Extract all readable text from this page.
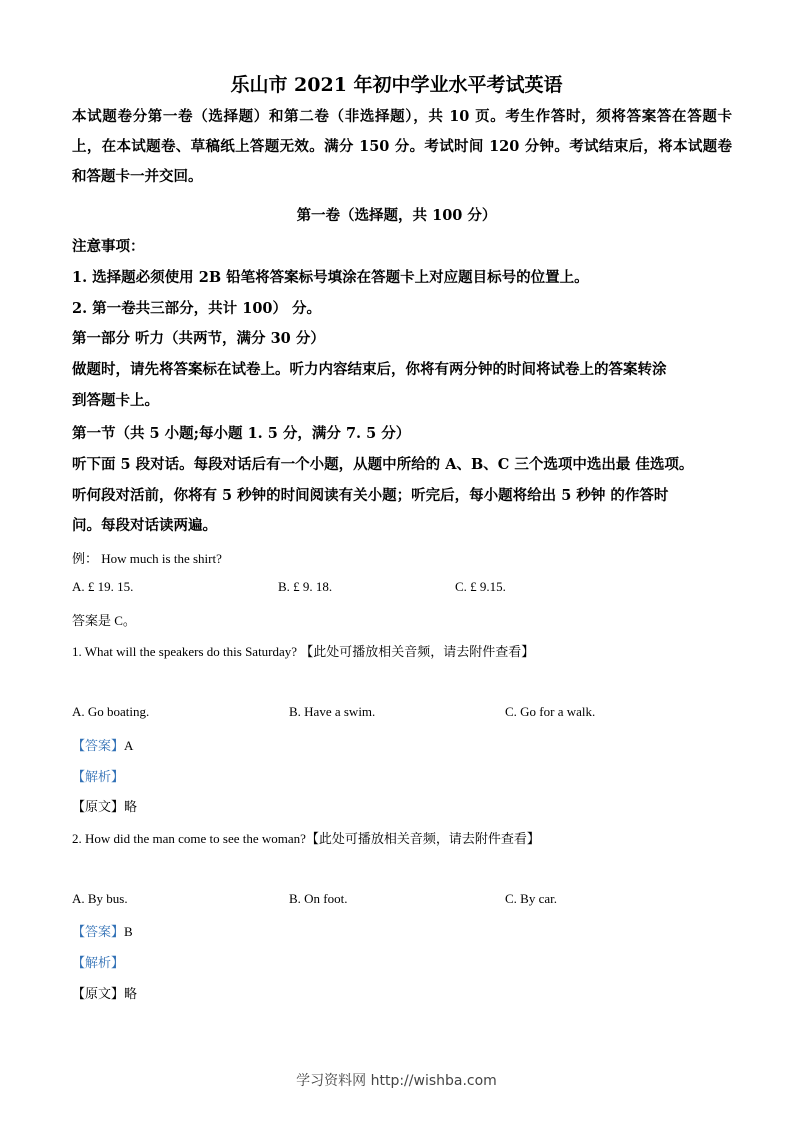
乐山市 2021 年初中学业水平考试英语
本试题卷分第一卷（选择题）和第二卷（非选择题），共 10 页。考生作答时，须将答案答在答题卡上，在本试题卷、草稿纸上答题无效。满分 150 分。考试时间 120 分钟。考试结束后，将本试题卷和答题卡一并交回。
第一卷（选择题，共 100 分）
注意事项：
1. 选择题必须使用 2B 铅笔将答案标号填涂在答题卡上对应题目标号的位置上。
2. 第一卷共三部分，共计 100） 分。
第一部分 听力（共两节，满分 30 分）
做题时，请先将答案标在试卷上。听力内容结束后，你将有两分钟的时间将试卷上的答案转涂
到答题卡上。
第一节（共 5 小题;每小题 1. 5 分，满分 7. 5 分）
听下面 5 段对话。每段对话后有一个小题，从题中所给的 A、B、C 三个选项中选出最 佳选项。
听何段对活前，你将有 5 秒钟的时间阅读有关小题；听完后，每小题将给出 5 秒钟 的作答时
问。每段对话读两遍。
例： How much is the shirt?
A. £ 19. 15.	B. £ 9. 18.	C. £ 9.15.
答案是 C。
1. What will the speakers do this Saturday? 【此处可播放相关音频，请去附件查看】
A. Go boating.	B. Have a swim.	C. Go for a walk.
【答案】A
【解析】
【原文】略
2. How did the man come to see the woman?【此处可播放相关音频，请去附件查看】
A. By bus.	B. On foot.	C. By car.
【答案】B
【解析】
【原文】略
学习资料网 http://wishba.com
